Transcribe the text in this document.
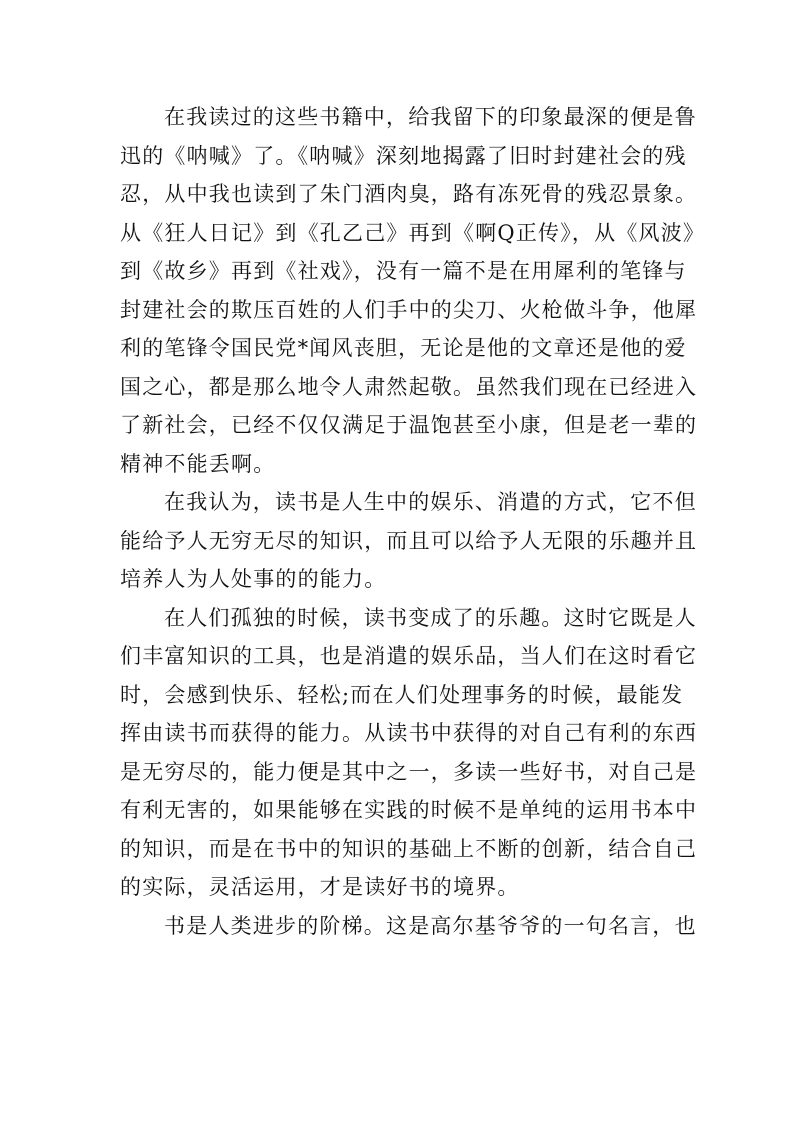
在我读过的这些书籍中，给我留下的印象最深的便是鲁
迅的《呐喊》了。《呐喊》深刻地揭露了旧时封建社会的残
忍，从中我也读到了朱门酒肉臭，路有冻死骨的残忍景象。
从《狂人日记》到《孔乙己》再到《啊Q正传》，从《风波》
到《故乡》再到《社戏》，没有一篇不是在用犀利的笔锋与
封建社会的欺压百姓的人们手中的尖刀、火枪做斗争，他犀
利的笔锋令国民党*闻风丧胆，无论是他的文章还是他的爱
国之心，都是那么地令人肃然起敬。虽然我们现在已经进入
了新社会，已经不仅仅满足于温饱甚至小康，但是老一辈的
精神不能丢啊。
在我认为，读书是人生中的娱乐、消遣的方式，它不但
能给予人无穷无尽的知识，而且可以给予人无限的乐趣并且
培养人为人处事的的能力。
在人们孤独的时候，读书变成了的乐趣。这时它既是人
们丰富知识的工具，也是消遣的娱乐品，当人们在这时看它
时，会感到快乐、轻松;而在人们处理事务的时候，最能发
挥由读书而获得的能力。从读书中获得的对自己有利的东西
是无穷尽的，能力便是其中之一，多读一些好书，对自己是
有利无害的，如果能够在实践的时候不是单纯的运用书本中
的知识，而是在书中的知识的基础上不断的创新，结合自己
的实际，灵活运用，才是读好书的境界。
书是人类进步的阶梯。这是高尔基爷爷的一句名言，也
